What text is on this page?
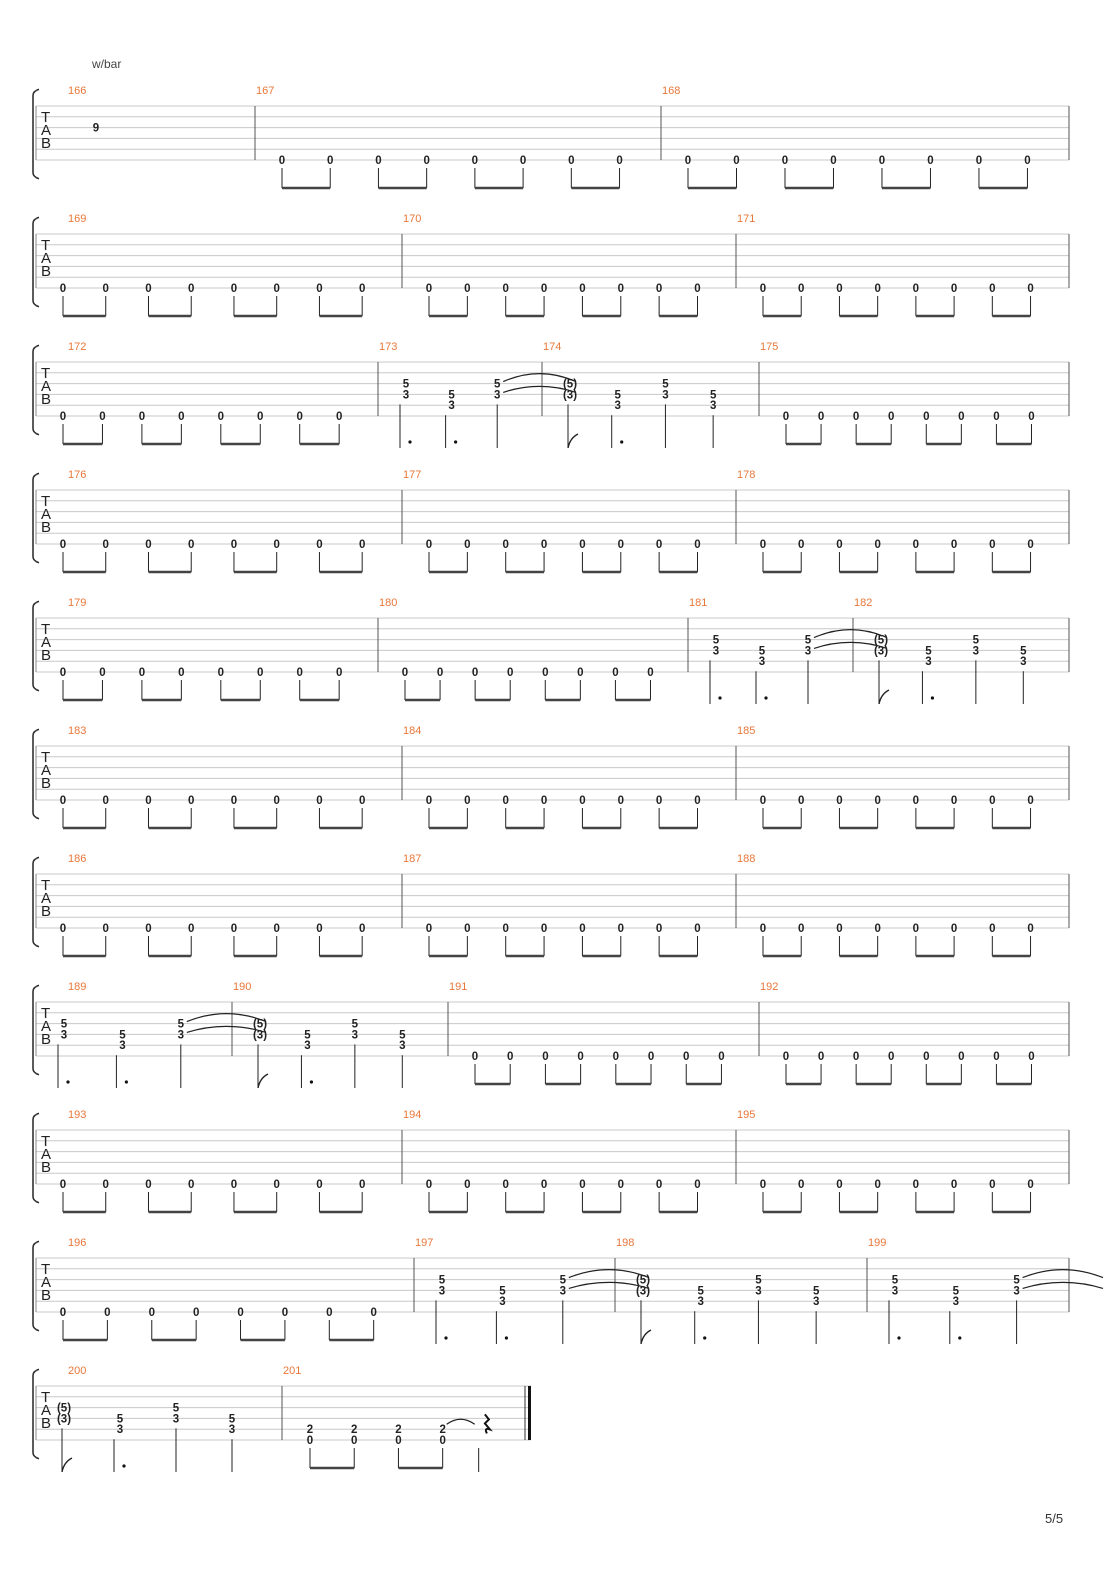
w/bar
T
A
B
166
9
167
0	0	0	0	0	0	0	0
168
0	0	0	0	0	0	0	0
T
A
B
169
0	0	0	0	0	0	0	0
170
0	0	0	0	0	0	0	0
171
0	0	0	0	0	0	0	0
T
A
B
172
0	0	0	0	0	0	0	0
173
5
3	5
3
5
3
174
(5)
(3)	5
3
5
3	5
3
175
0 0 0 0 0 0 0 0
T
A
B
176
0	0	0	0	0	0	0	0
177
0	0	0	0	0	0	0	0
178
0	0	0	0	0	0	0	0
T
A
B
179
0	0	0	0	0	0	0	0
180
0 0 0 0 0 0 0 0
181
5
3	5
3
5
3
182
(5)
(3)	5
3
5
3	5
3
T
A
B
183
0	0	0	0	0	0	0	0
184
0	0	0	0	0	0	0	0
185
0	0	0	0	0	0	0	0
T
A
B
186
0	0	0	0	0	0	0	0
187
0	0	0	0	0	0	0	0
188
0	0	0	0	0	0	0	0
T
A
B
189
5
3	5
3
5
3
190
(5)
(3)	5
3
5
3	5
3
191
0	0	0	0	0	0	0	0
192
0 0 0 0 0 0 0 0
T
A
B
193
0	0	0	0	0	0	0	0
194
0	0	0	0	0	0	0	0
195
0	0	0	0	0	0	0	0
T
A
B
196
0	0	0	0	0	0	0	0
197
5
3	5
3
5
3
198
(5)
(3)	5
3
5
3	5
3
199
5
3	5
3
5
3
T
A
B
200
(5)
(3)	5
3
5
3	5
3
201
2
0
2
0
2
0
2
0
5/5
